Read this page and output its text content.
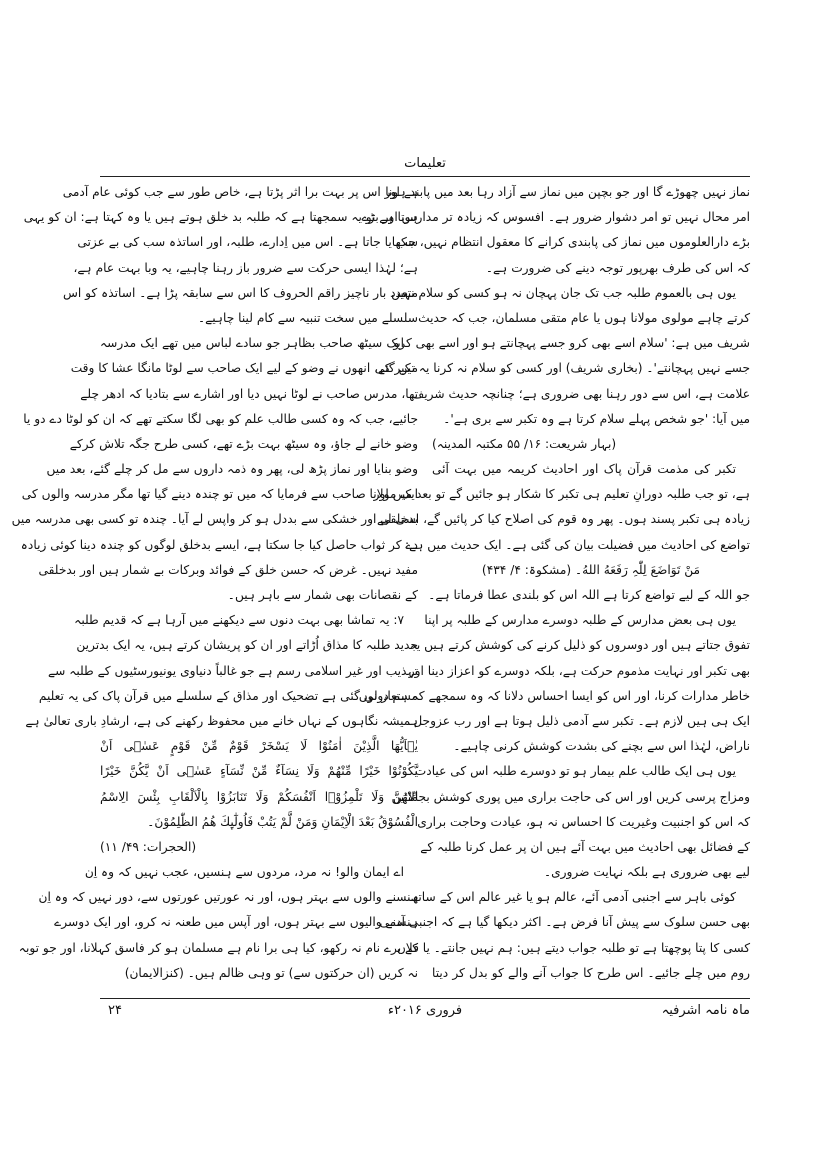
تعلیمات
نماز نہیں چھوڑے گا اور جو بچپن میں نماز سے آزاد رہا بعد میں پابند ہونا
امر محال نہیں تو امر دشوار ضرور ہے۔ افسوس کہ زیادہ تر مدارس اور بڑے
بڑے دارالعلوموں میں نماز کی پابندی کرانے کا معقول انتظام نہیں، جب
کہ اس کی طرف بھرپور توجہ دینے کی ضرورت ہے۔
یوں ہی بالعموم طلبہ جب تک جان پہچان نہ ہو کسی کو سلام نہیں
کرتے چاہے مولوی مولانا ہوں یا عام متقی مسلمان، جب کہ حدیث
شریف میں ہے: 'سلام اسے بھی کرو جسے پہچانتے ہو اور اسے بھی کرو
جسے نہیں پہچانتے'۔ (بخاری شریف) اور کسی کو سلام نہ کرنا یہ تکبر کی
علامت ہے، اس سے دور رہنا بھی ضروری ہے؛ چنانچہ حدیث شریف
میں آیا: 'جو شخص پہلے سلام کرتا ہے وہ تکبر سے بری ہے'۔
(بہار شریعت: ۱۶/ ۵۵ مکتبہ المدینہ)
تکبر کی مذمت قرآن پاک اور احادیث کریمہ میں بہت آئی
ہے، تو جب طلبہ دورانِ تعلیم ہی تکبر کا شکار ہو جائیں گے تو بعد میں اور
زیادہ ہی تکبر پسند ہوں۔ پھر وہ قوم کی اصلاح کیا کر پائیں گے، اسی لیے
تواضع کی احادیث میں فضیلت بیان کی گئی ہے۔ ایک حدیث میں ہے:
مَنْ تَوَاضَعَ لِلّٰہِ رَفَعَهُ اللهُ۔ (مشکوۃ: ۴/ ۴۳۴)
جو اللہ کے لیے تواضع کرتا ہے اللہ اس کو بلندی عطا فرماتا ہے۔
یوں ہی بعض مدارس کے طلبہ دوسرے مدارس کے طلبہ پر اپنا
تفوق جتاتے ہیں اور دوسروں کو ذلیل کرنے کی کوشش کرتے ہیں یہ
بھی تکبر اور نہایت مذموم حرکت ہے، بلکہ دوسرے کو اعزاز دینا اور
خاطر مدارات کرنا، اور اس کو ایسا احساس دلانا کہ وہ سمجھے کہ ہم دونوں
ایک ہی ہیں لازم ہے۔ تکبر سے آدمی ذلیل ہوتا ہے اور رب عزوجل
ناراض، لہٰذا اس سے بچنے کی بشدت کوشش کرنی چاہیے۔
یوں ہی ایک طالب علم بیمار ہو تو دوسرے طلبہ اس کی عیادت
ومزاج پرسی کریں اور اس کی حاجت براری میں پوری کوشش بجالائیں
کہ اس کو اجنبیت وغیریت کا احساس نہ ہو، عیادت وحاجت براری
کے فضائل بھی احادیث میں بہت آئے ہیں ان پر عمل کرنا طلبہ کے
لیے بھی ضروری ہے بلکہ نہایت ضروری۔
کوئی باہر سے اجنبی آدمی آئے، عالم ہو یا غیر عالم اس کے ساتھ
بھی حسن سلوک سے پیش آنا فرض ہے۔ اکثر دیکھا گیا ہے کہ اجنبی آدمی
کسی کا پتا پوچھتا ہے تو طلبہ جواب دیتے ہیں: ہم نہیں جانتے۔ یا فلاں
روم میں چلے جائیے۔ اس طرح کا جواب آنے والے کو بدل کر دیتا
ہے اور اس پر بہت برا اثر پڑتا ہے، خاص طور سے جب کوئی عام آدمی
ہوتا ہے تو یہ سمجھتا ہے کہ طلبہ بد خلق ہوتے ہیں یا وہ کہتا ہے: ان کو یہی
سکھایا جاتا ہے۔ اس میں اِدارے، طلبہ، اور اساتذہ سب کی بے عزتی
ہے؛ لہٰذا ایسی حرکت سے ضرور باز رہنا چاہیے، یہ وبا بہت عام ہے،
متعدد بار ناچیز راقم الحروف کا اس سے سابقہ پڑا ہے۔ اساتذہ کو اس
سلسلے میں سخت تنبیہ سے کام لینا چاہیے۔
ایک سیٹھ صاحب بظاہر جو سادے لباس میں تھے ایک مدرسہ
میں گئے، انھوں نے وضو کے لیے ایک صاحب سے لوٹا مانگا عشا کا وقت
تھا، مدرس صاحب نے لوٹا نہیں دیا اور اشارے سے بتادیا کہ ادھر چلے
جائیے، جب کہ وہ کسی طالب علم کو بھی لگا سکتے تھے کہ ان کو لوٹا دے دو یا
وضو خانے لے جاؤ، وہ سیٹھ بہت بڑے تھے، کسی طرح جگہ تلاش کرکے
وضو بنایا اور نماز پڑھ لی، پھر وہ ذمہ داروں سے مل کر چلے گئے، بعد میں
ایک مولانا صاحب سے فرمایا کہ میں تو چندہ دینے گیا تھا مگر مدرسہ والوں کی
بدخلقی اور خشکی سے بددل ہو کر واپس لے آیا۔ چندہ تو کسی بھی مدرسہ میں
دے کر ثواب حاصل کیا جا سکتا ہے، ایسے بدخلق لوگوں کو چندہ دینا کوئی زیادہ
مفید نہیں۔ غرض کہ حسن خلق کے فوائد وبرکات بے شمار ہیں اور بدخلقی
کے نقصانات بھی شمار سے باہر ہیں۔
۷: یہ تماشا بھی بہت دنوں سے دیکھنے میں آرہا ہے کہ قدیم طلبہ
جدید طلبہ کا مذاق اُڑاتے اور ان کو پریشان کرتے ہیں، یہ ایک بدترین
تہذیب اور غیر اسلامی رسم ہے جو غالباً دنیاوی یونیورسٹیوں کے طلبہ سے
مستعار لی گئی ہے تضحیک اور مذاق کے سلسلے میں قرآن پاک کی یہ تعلیم
ہمیشہ نگاہوں کے نہاں خانے میں محفوظ رکھنے کی ہے، ارشادِ باری تعالیٰ ہے
يٰۤاَيُّهَا الَّذِيْنَ اٰمَنُوْا لَا يَسْخَرْ قَوْمٌ مِّنْ قَوْمٍ عَسٰۤى اَنْ
يَّكُوْنُوْا خَيْرًا مِّنْهُمْ وَلَا نِسَآءٌ مِّنْ نِّسَآءٍ عَسٰۤى اَنْ يَّكُنَّ خَيْرًا
مِّنْهُنَّ وَلَا تَلْمِزُوْۤا اَنْفُسَكُمْ وَلَا تَنَابَزُوْا بِالْاَلْقَابِ بِئْسَ الِاسْمُ
الْفُسُوْقُ بَعْدَ الْاِيْمَانِ وَمَنْ لَّمْ يَتُبْ فَاُولٰٓىِٕكَ هُمُ الظّٰلِمُوْنَ۔
(الحجرات: ۴۹/ ۱۱)
اے ایمان والو! نہ مرد، مردوں سے ہنسیں، عجب نہیں کہ وہ اِن
ہنسنے والوں سے بہتر ہوں، اور نہ عورتیں عورتوں سے، دور نہیں کہ وہ اِن
ہنسنے والیوں سے بہتر ہوں، اور آپس میں طعنہ نہ کرو، اور ایک دوسرے
کے برے نام نہ رکھو، کیا ہی برا نام ہے مسلمان ہو کر فاسق کہلانا، اور جو توبہ
نہ کریں (ان حرکتوں سے) تو وہی ظالم ہیں۔ (کنزالایمان)
ماہ نامہ اشرفیہ
فروری ۲۰۱۶ء
۲۴
